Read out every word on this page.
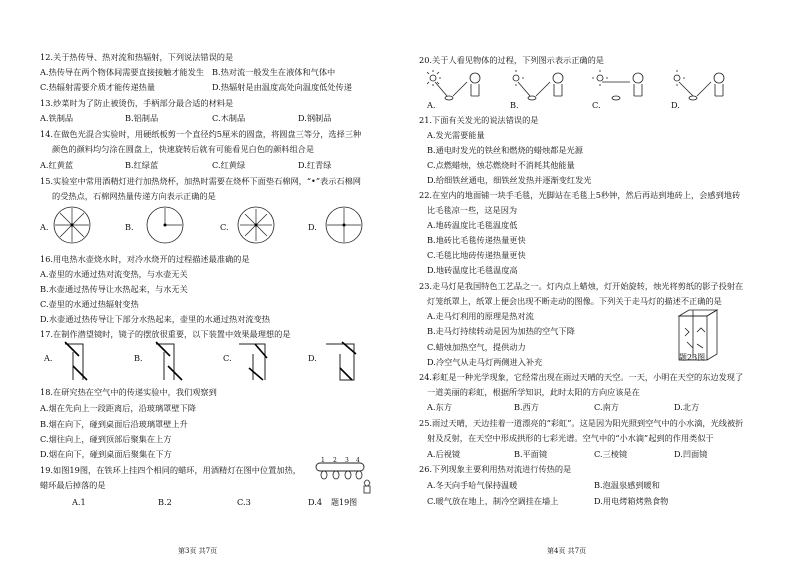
12.关于热传导、热对流和热辐射，下列说法错误的是
A.热传导在两个物体间需要直接接触才能发生 B.热对流一般发生在液体和气体中
C.热辐射需要介质才能传递热量	D.热辐射是由温度高处向温度低处传递
13.炒菜时为了防止被烫伤，手柄部分最合适的材料是
A.铁制品	B.铝制品	C.木制品	D.钢制品
14.在做色光混合实验时，用硬纸板剪一个直径约5厘米的圆盘，将圆盘三等分，选择三种
颜色的颜料均匀涂在圆盘上，快速旋转后就有可能看见白色的颜料组合是
A.红黄蓝	B.红绿蓝	C.红黄绿	D.红青绿
15.实验室中常用酒精灯进行加热烧杯，加热时需要在烧杯下面垫石棉网，“•”表示石棉网
的受热点，石棉网热量传递方向表示正确的是
A.	B.	C.	D.
16.用电热水壶烧水时，对冷水烧开的过程描述最准确的是
A.壶里的水通过热对流变热，与水壶无关
B.水壶通过热传导让水热起来，与水无关
C.壶里的水通过热辐射变热
D.水壶通过热传导让下部分水热起来，壶里的水通过热对流变热
17.在制作潜望镜时，镜子的摆放很重要，以下装置中效果最理想的是
A.	B.	C.	D.
18.在研究热在空气中的传递实验中，我们观察到
A.烟在先向上一段距离后，沿玻璃罩壁下降
B.烟在向下，碰到桌面后沿玻璃罩壁上升
C.烟往向上，碰到顶部后聚集在上方
D.烟在向下，碰到桌面后聚集在下方
19.如图19图，在铁环上挂四个相同的蜡环，用酒精灯在图中位置加热，
蜡环最后掉落的是
A.1	B.2	C.3	D.4
1 2 3 4
题19图
第3页 共7页
20.关于人看见物体的过程，下列图示表示正确的是
A.	B.	C.	D.
21.下面有关发光的说法错误的是
A.发光需要能量
B.通电时发光的铁丝和燃烧的蜡烛都是光源
C.点燃蜡烛，烛芯燃烧时不消耗其他能量
D.给细铁丝通电，细铁丝发热并逐渐变红发光
22.在室内的地面铺一块手毛毯，光脚站在毛毯上5秒钟，然后再站到地砖上，会感到地砖
比毛毯凉一些，这是因为
A.地砖温度比毛毯温度低
B.地砖比毛毯传递热量更快
C.毛毯比地砖传递热量更快
D.地砖温度比毛毯温度高
23.走马灯是我国特色工艺品之一。灯内点上蜡烛，灯开始旋转，烛光将剪纸的影子投射在
灯笼纸罩上，纸罩上便会出现不断走动的图像。下列关于走马灯的描述不正确的是
A.走马灯利用的原理是热对流
B.走马灯持续转动是因为加热的空气下降
C.蜡烛加热空气，提供动力
D.冷空气从走马灯两侧进入补充	题23图
24.彩虹是一种光学现象，它经常出现在雨过天晴的天空。一天，小明在天空的东边发现了
一道美丽的彩虹，根据所学知识，此时太阳的方向应该是在
A.东方	B.西方	C.南方	D.北方
25.雨过天晴，天边挂着一道漂亮的“彩虹”。这是因为阳光照到空气中的小水滴，光线被折
射及反射，在天空中形成拱形的七彩光谱。空气中的“小水滴”起到的作用类似于
A.后视镜	B.平面镜	C.三棱镜	D.凹面镜
26.下列现象主要利用热对流进行传热的是
A.冬天向手哈气保持温暖	B.泡温泉感到暖和
C.暖气放在地上，制冷空调挂在墙上	D.用电烤箱烤熟食物
第4页 共7页
